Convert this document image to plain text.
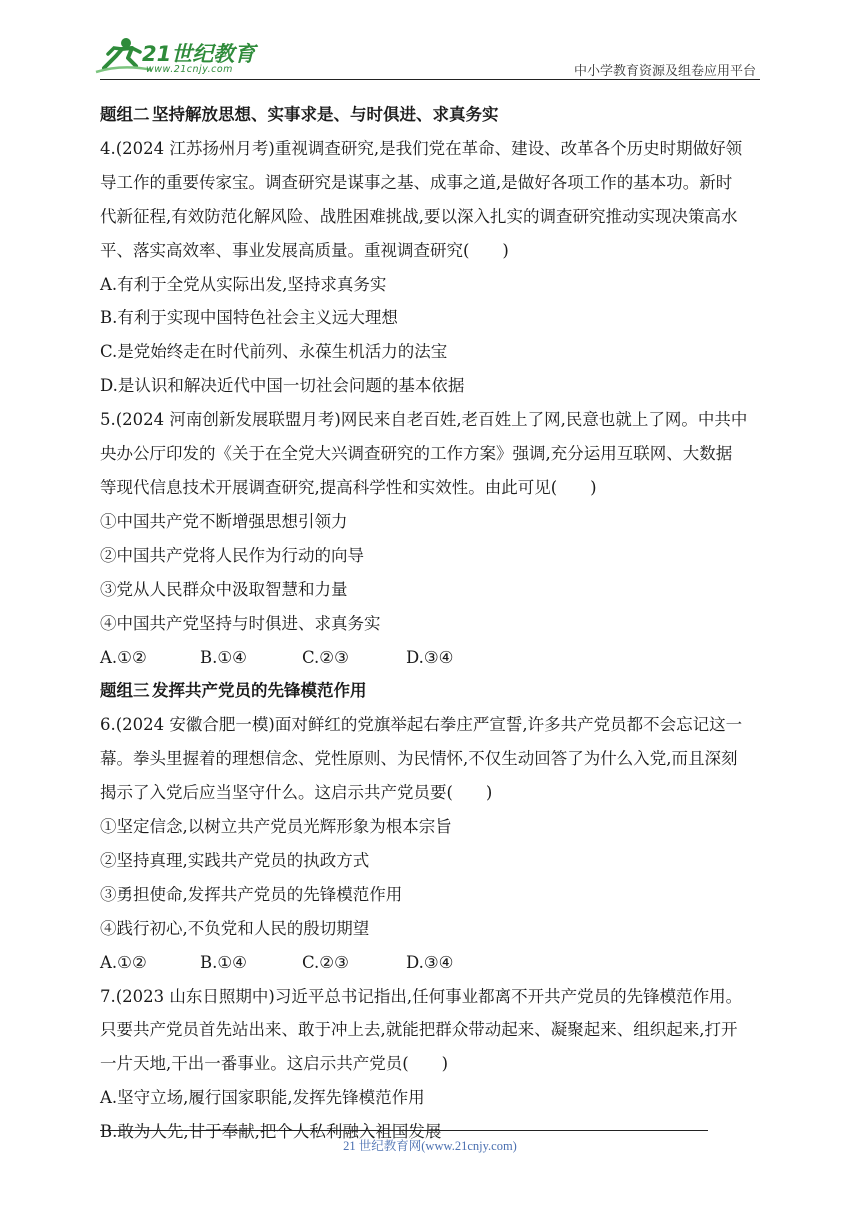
21世纪教育
www.21cnjy.com	中小学教育资源及组卷应用平台
题组二 坚持解放思想、实事求是、与时俱进、求真务实
4.(2024 江苏扬州月考)重视调查研究,是我们党在革命、建设、改革各个历史时期做好领
导工作的重要传家宝。调查研究是谋事之基、成事之道,是做好各项工作的基本功。新时
代新征程,有效防范化解风险、战胜困难挑战,要以深入扎实的调查研究推动实现决策高水
平、落实高效率、事业发展高质量。重视调查研究(　　)
A.有利于全党从实际出发,坚持求真务实
B.有利于实现中国特色社会主义远大理想
C.是党始终走在时代前列、永葆生机活力的法宝
D.是认识和解决近代中国一切社会问题的基本依据
5.(2024 河南创新发展联盟月考)网民来自老百姓,老百姓上了网,民意也就上了网。中共中
央办公厅印发的《关于在全党大兴调查研究的工作方案》强调,充分运用互联网、大数据
等现代信息技术开展调查研究,提高科学性和实效性。由此可见(　　)
①中国共产党不断增强思想引领力
②中国共产党将人民作为行动的向导
③党从人民群众中汲取智慧和力量
④中国共产党坚持与时俱进、求真务实
A.①②	B.①④	C.②③	D.③④
题组三 发挥共产党员的先锋模范作用
6.(2024 安徽合肥一模)面对鲜红的党旗举起右拳庄严宣誓,许多共产党员都不会忘记这一
幕。拳头里握着的理想信念、党性原则、为民情怀,不仅生动回答了为什么入党,而且深刻
揭示了入党后应当坚守什么。这启示共产党员要(　　)
①坚定信念,以树立共产党员光辉形象为根本宗旨
②坚持真理,实践共产党员的执政方式
③勇担使命,发挥共产党员的先锋模范作用
④践行初心,不负党和人民的殷切期望
A.①②	B.①④	C.②③	D.③④
7.(2023 山东日照期中)习近平总书记指出,任何事业都离不开共产党员的先锋模范作用。
只要共产党员首先站出来、敢于冲上去,就能把群众带动起来、凝聚起来、组织起来,打开
一片天地,干出一番事业。这启示共产党员(　　)
A.坚守立场,履行国家职能,发挥先锋模范作用
B.敢为人先,甘于奉献,把个人私利融入祖国发展
21 世纪教育网(www.21cnjy.com)
